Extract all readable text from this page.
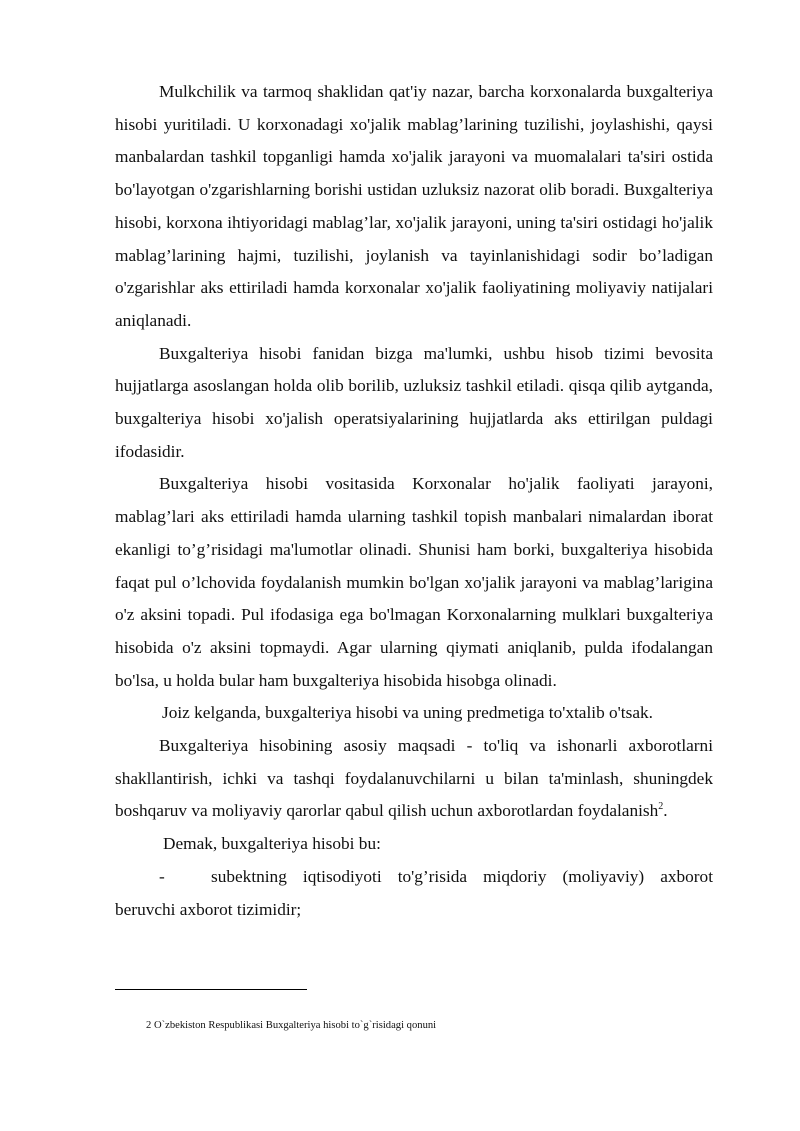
Mulkchilik va tarmoq shaklidan qat'iy nazar, barcha korxonalarda buxgalteriya hisobi yuritiladi. U korxonadagi xo'jalik mablag’larining tuzilishi, joylashishi, qaysi manbalardan tashkil topganligi hamda xo'jalik jarayoni va muomalalari ta'siri ostida bo'layotgan o'zgarishlarning borishi ustidan uzluksiz nazorat olib boradi. Buxgalteriya hisobi, korxona ihtiyoridagi mablag’lar, xo'jalik jarayoni, uning ta'siri ostidagi ho'jalik mablag’larining hajmi, tuzilishi, joylanish va tayinlanishidagi sodir bo’ladigan o'zgarishlar aks ettiriladi hamda korxonalar xo'jalik faoliyatining moliyaviy natijalari aniqlanadi.

Buxgalteriya hisobi fanidan bizga ma'lumki, ushbu hisob tizimi bevosita hujjatlarga asoslangan holda olib borilib, uzluksiz tashkil etiladi. qisqa qilib aytganda, buxgalteriya hisobi xo'jalish operatsiyalarining hujjatlarda aks ettirilgan puldagi ifodasidir.

Buxgalteriya hisobi vositasida Korxonalar ho'jalik faoliyati jarayoni, mablag’lari aks ettiriladi hamda ularning tashkil topish manbalari nimalardan iborat ekanligi to’g’risidagi ma'lumotlar olinadi. Shunisi ham borki, buxgalteriya hisobida faqat pul o’lchovida foydalanish mumkin bo'lgan xo'jalik jarayoni va mablag’larigina o'z aksini topadi. Pul ifodasiga ega bo'lmagan Korxonalarning mulklari buxgalteriya hisobida o'z aksini topmaydi. Agar ularning qiymati aniqlanib, pulda ifodalangan bo'lsa, u holda bular ham buxgalteriya hisobida hisobga olinadi.

Joiz kelganda, buxgalteriya hisobi va uning predmetiga to'xtalib o'tsak.

Buxgalteriya hisobining asosiy maqsadi - to'liq va ishonarli axborotlarni shakllantirish, ichki va tashqi foydalanuvchilarni u bilan ta'minlash, shuningdek boshqaruv va moliyaviy qarorlar qabul qilish uchun axborotlardan foydalanish$^2$.

Demak, buxgalteriya hisobi bu:

-	subektning iqtisodiyoti to'g’risida miqdoriy (moliyaviy) axborot beruvchi axborot tizimidir;

2 O`zbekiston Respublikasi Buxgalteriya hisobi to`g`risidagi qonuni
